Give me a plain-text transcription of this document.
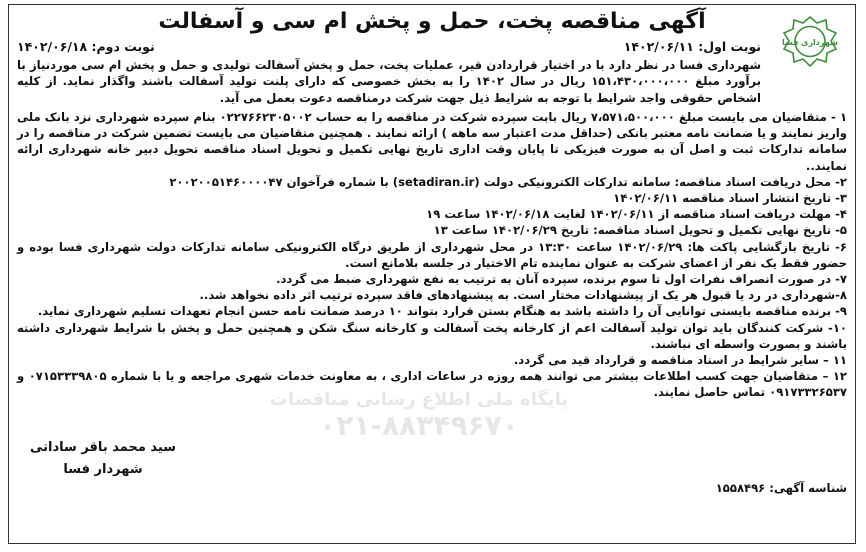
آگهی مناقصه پخت، حمل و پخش ام سی و آسفالت
شهرداری فسا
نوبت اول: ۱۴۰۲/۰۶/۱۱
نوبت دوم: ۱۴۰۲/۰۶/۱۸

شهرداری فسا در نظر دارد با در اختیار قراردادن قیر، عملیات پخت، حمل و پخش آسفالت تولیدی و حمل و پخش ام سی موردنیاز با برآورد مبلغ ۱۵۱،۴۳۰،۰۰۰،۰۰۰ ریال در سال ۱۴۰۲ را به بخش خصوصی که دارای پلنت تولید آسفالت باشند واگذار نماید. از کلیه اشخاص حقوقی واجد شرایط با توجه به شرایط ذیل جهت شرکت درمناقصه دعوت بعمل می آید.

۱ - متقاضیان می بایست مبلغ ۷،۵۷۱،۵۰۰،۰۰۰ ریال بابت سپرده شرکت در مناقصه را به حساب ۰۲۲۷۶۶۲۳۰۵۰۰۲ بنام سپرده شهرداری نزد بانک ملی واریز نمایند و یا ضمانت نامه معتبر بانکی (حداقل مدت اعتبار سه ماهه ) ارائه نمایند . همچنین متقاضیان می بایست تضمین شرکت در مناقصه را در سامانه تدارکات ثبت و اصل آن به صورت فیزیکی تا پایان وقت اداری تاریخ نهایی تکمیل و تحویل اسناد مناقصه تحویل دبیر خانه شهرداری ارائه نمایند..

۲- محل دریافت اسناد مناقصه: سامانه تدارکات الکترونیکی دولت (setadiran.ir) با شماره فرآخوان ۲۰۰۲۰۰۵۱۴۶۰۰۰۰۴۷

۳- تاریخ انتشار اسناد مناقصه ۱۴۰۲/۰۶/۱۱

۴- مهلت دریافت اسناد مناقصه از ۱۴۰۲/۰۶/۱۱ لغایت ۱۴۰۲/۰۶/۱۸ ساعت ۱۹

۵- تاریخ نهایی تکمیل و تحویل اسناد مناقصه: تاریخ ۱۴۰۲/۰۶/۲۹ ساعت ۱۳

۶- تاریخ بازگشایی پاکت ها: ۱۴۰۲/۰۶/۲۹ ساعت ۱۳:۳۰ در محل شهرداری از طریق درگاه الکترونیکی سامانه تدارکات دولت شهرداری فسا بوده و حضور فقط یک نفر از اعضای شرکت به عنوان نماینده تام الاختیار در جلسه بلامانع است.

۷- در صورت انصراف نفرات اول تا سوم برنده، سپرده آنان به ترتیب به نفع شهرداری ضبط می گردد.

۸-شهرداری در رد یا قبول هر یک از پیشنهادات مختار است. به پیشنهادهای فاقد سپرده ترتیب اثر داده نخواهد شد..

۹- برنده مناقصه بایستی توانایی آن را داشته باشد به هنگام بستن قرارد بتواند ۱۰ درصد ضمانت نامه حسن انجام تعهدات تسلیم شهرداری نماید.

۱۰- شرکت کنندگان باید توان تولید آسفالت اعم از کارخانه پخت آسفالت و کارخانه سنگ شکن و همچنین حمل و پخش با شرایط شهرداری داشته باشند و بصورت واسطه ای نباشند.

۱۱ – سایر شرایط در اسناد مناقصه و قرارداد قید می گردد.

۱۲ – متقاضیان جهت کسب اطلاعات بیشتر می توانند همه روزه در ساعات اداری ، به معاونت خدمات شهری مراجعه و یا با شماره ۰۷۱۵۳۳۳۹۸۰۵ و ۰۹۱۷۳۳۲۶۵۳۷ تماس حاصل نمایند.

پایگاه ملی اطلاع رسانی مناقصات
۰۲۱-۸۸۳۴۹۶۷۰
سید محمد باقر ساداتی
شهردار فسا
شناسه آگهی: ۱۵۵۸۴۹۶
